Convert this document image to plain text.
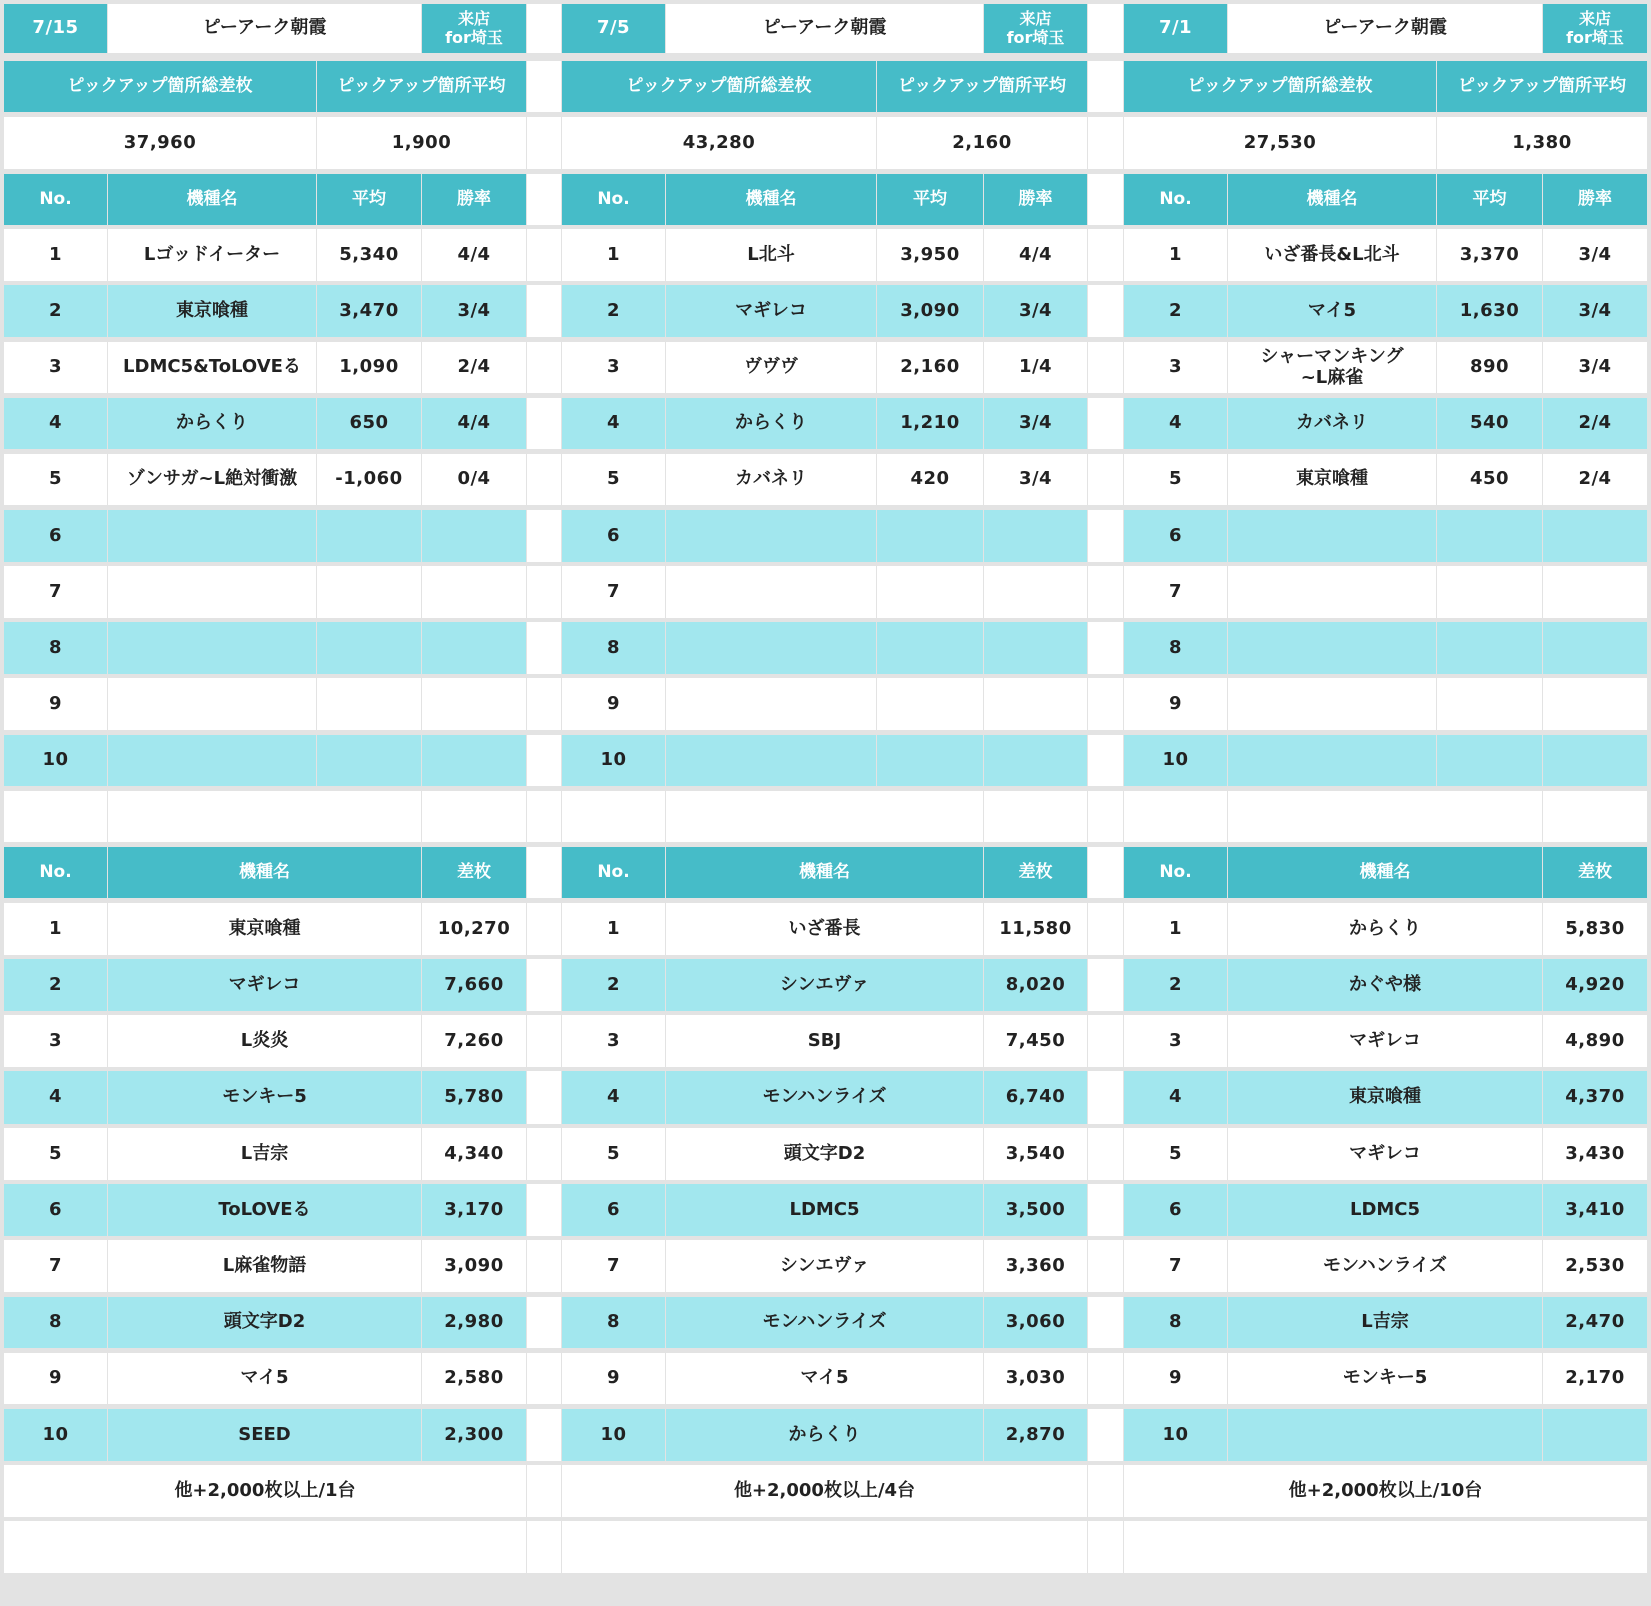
7/15	ピーアーク朝霞	来店
for埼玉
ピックアップ箇所総差枚	ピックアップ箇所平均
37,960	1,900
No.	機種名	平均	勝率
1	Lゴッドイーター	5,340	4/4
2	東京喰種	3,470	3/4
3	LDMC5&ToLOVEる	1,090	2/4
4	からくり	650	4/4
5	ゾンサガ~L絶対衝激	-1,060	0/4
6
7
8
9
10
No.	機種名	差枚
1	東京喰種	10,270
2	マギレコ	7,660
3	L炎炎	7,260
4	モンキー5	5,780
5	L吉宗	4,340
6	ToLOVEる	3,170
7	L麻雀物語	3,090
8	頭文字D2	2,980
9	マイ5	2,580
10	SEED	2,300
他+2,000枚以上/1台
7/5	ピーアーク朝霞	来店
for埼玉
ピックアップ箇所総差枚	ピックアップ箇所平均
43,280	2,160
No.	機種名	平均	勝率
1	L北斗	3,950	4/4
2	マギレコ	3,090	3/4
3	ヴヴヴ	2,160	1/4
4	からくり	1,210	3/4
5	カバネリ	420	3/4
6
7
8
9
10
No.	機種名	差枚
1	いざ番長	11,580
2	シンエヴァ	8,020
3	SBJ	7,450
4	モンハンライズ	6,740
5	頭文字D2	3,540
6	LDMC5	3,500
7	シンエヴァ	3,360
8	モンハンライズ	3,060
9	マイ5	3,030
10	からくり	2,870
他+2,000枚以上/4台
7/1	ピーアーク朝霞	来店
for埼玉
ピックアップ箇所総差枚	ピックアップ箇所平均
27,530	1,380
No.	機種名	平均	勝率
1	いざ番長&L北斗	3,370	3/4
2	マイ5	1,630	3/4
3	シャーマンキング
~L麻雀	890	3/4
4	カバネリ	540	2/4
5	東京喰種	450	2/4
6
7
8
9
10
No.	機種名	差枚
1	からくり	5,830
2	かぐや様	4,920
3	マギレコ	4,890
4	東京喰種	4,370
5	マギレコ	3,430
6	LDMC5	3,410
7	モンハンライズ	2,530
8	L吉宗	2,470
9	モンキー5	2,170
10
他+2,000枚以上/10台
